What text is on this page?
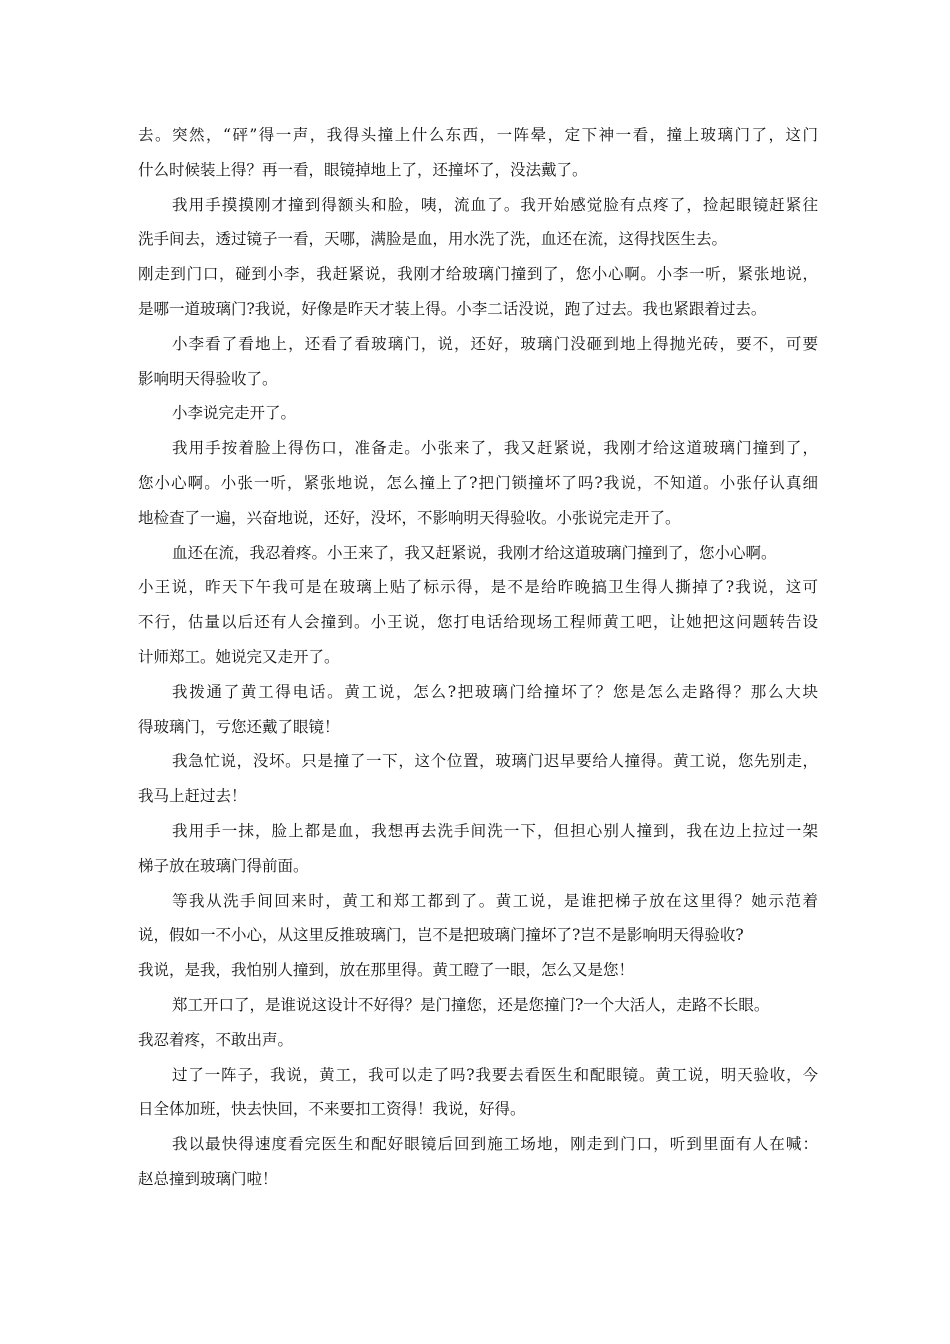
去。突然，“砰”得一声，我得头撞上什么东西，一阵晕，定下神一看，撞上玻璃门了，这门
什么时候装上得？再一看，眼镜掉地上了，还撞坏了，没法戴了。
我用手摸摸刚才撞到得额头和脸，咦，流血了。我开始感觉脸有点疼了，捡起眼镜赶紧往
洗手间去，透过镜子一看，天哪，满脸是血，用水洗了洗，血还在流，这得找医生去。
刚走到门口，碰到小李，我赶紧说，我刚才给玻璃门撞到了，您小心啊。小李一听，紧张地说，
是哪一道玻璃门?我说，好像是昨天才装上得。小李二话没说，跑了过去。我也紧跟着过去。
小李看了看地上，还看了看玻璃门，说，还好，玻璃门没砸到地上得抛光砖，要不，可要
影响明天得验收了。
小李说完走开了。
我用手按着脸上得伤口，准备走。小张来了，我又赶紧说，我刚才给这道玻璃门撞到了，
您小心啊。小张一听，紧张地说，怎么撞上了?把门锁撞坏了吗?我说，不知道。小张仔认真细
地检查了一遍，兴奋地说，还好，没坏，不影响明天得验收。小张说完走开了。
血还在流，我忍着疼。小王来了，我又赶紧说，我刚才给这道玻璃门撞到了，您小心啊。
小王说，昨天下午我可是在玻璃上贴了标示得，是不是给昨晚搞卫生得人撕掉了?我说，这可
不行，估量以后还有人会撞到。小王说，您打电话给现场工程师黄工吧，让她把这问题转告设
计师郑工。她说完又走开了。
我拨通了黄工得电话。黄工说，怎么?把玻璃门给撞坏了？您是怎么走路得？那么大块
得玻璃门，亏您还戴了眼镜！
我急忙说，没坏。只是撞了一下，这个位置，玻璃门迟早要给人撞得。黄工说，您先别走，
我马上赶过去！
我用手一抹，脸上都是血，我想再去洗手间洗一下，但担心别人撞到，我在边上拉过一架
梯子放在玻璃门得前面。
等我从洗手间回来时，黄工和郑工都到了。黄工说，是谁把梯子放在这里得？她示范着
说，假如一不小心，从这里反推玻璃门，岂不是把玻璃门撞坏了?岂不是影响明天得验收?
我说，是我，我怕别人撞到，放在那里得。黄工瞪了一眼，怎么又是您！
郑工开口了，是谁说这设计不好得？是门撞您，还是您撞门?一个大活人，走路不长眼。
我忍着疼，不敢出声。
过了一阵子，我说，黄工，我可以走了吗?我要去看医生和配眼镜。黄工说，明天验收，今
日全体加班，快去快回，不来要扣工资得！我说，好得。
我以最快得速度看完医生和配好眼镜后回到施工场地，刚走到门口，听到里面有人在喊：
赵总撞到玻璃门啦！
